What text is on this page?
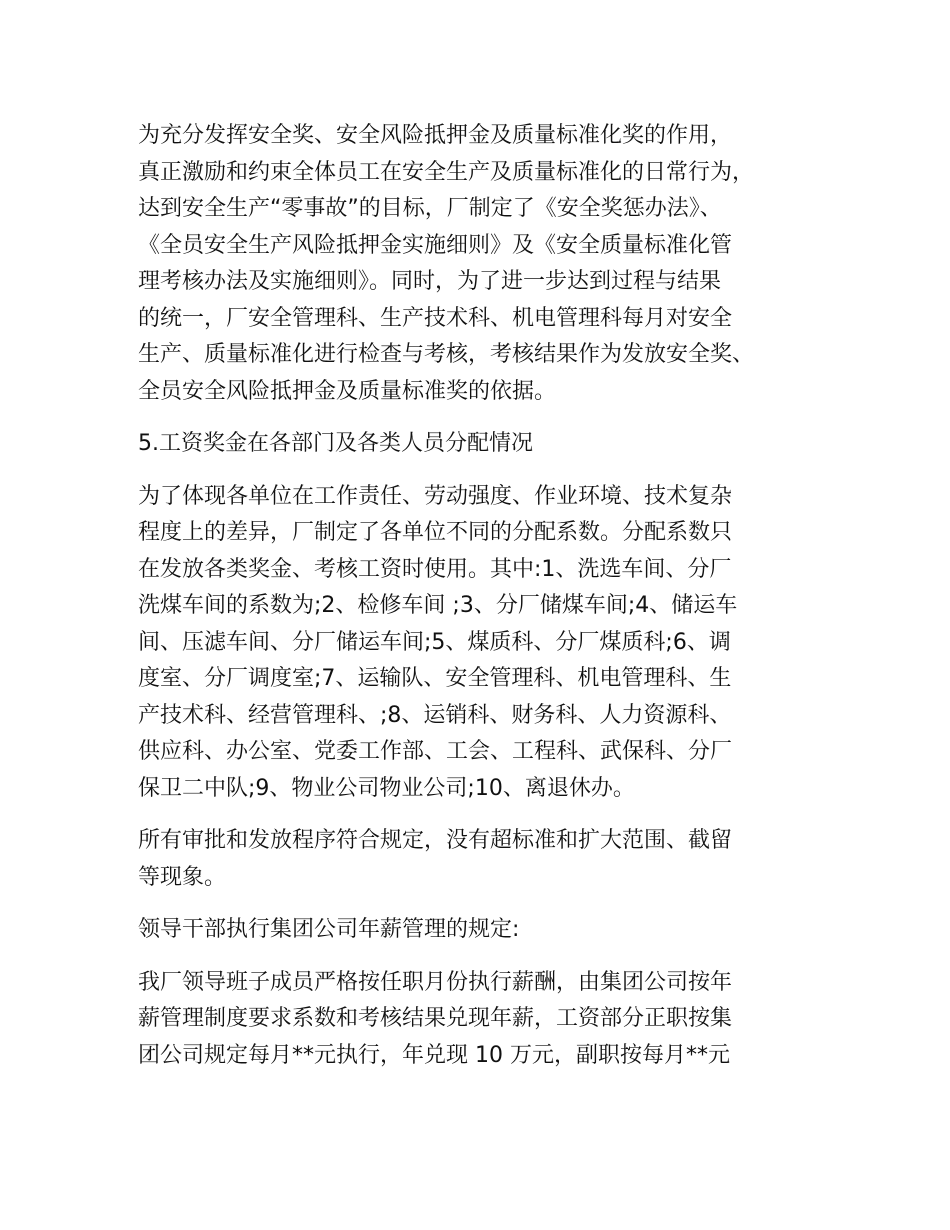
为充分发挥安全奖、安全风险抵押金及质量标准化奖的作用，
真正激励和约束全体员工在安全生产及质量标准化的日常行为，
达到安全生产“零事故”的目标，厂制定了《安全奖惩办法》、
《全员安全生产风险抵押金实施细则》及《安全质量标准化管
理考核办法及实施细则》。同时，为了进一步达到过程与结果
的统一，厂安全管理科、生产技术科、机电管理科每月对安全
生产、质量标准化进行检查与考核，考核结果作为发放安全奖、
全员安全风险抵押金及质量标准奖的依据。
5.工资奖金在各部门及各类人员分配情况
为了体现各单位在工作责任、劳动强度、作业环境、技术复杂
程度上的差异，厂制定了各单位不同的分配系数。分配系数只
在发放各类奖金、考核工资时使用。其中:1、洗选车间、分厂
洗煤车间的系数为;2、检修车间 ;3、分厂储煤车间;4、储运车
间、压滤车间、分厂储运车间;5、煤质科、分厂煤质科;6、调
度室、分厂调度室;7、运输队、安全管理科、机电管理科、生
产技术科、经营管理科、;8、运销科、财务科、人力资源科、
供应科、办公室、党委工作部、工会、工程科、武保科、分厂
保卫二中队;9、物业公司物业公司;10、离退休办。
所有审批和发放程序符合规定，没有超标准和扩大范围、截留
等现象。
领导干部执行集团公司年薪管理的规定:
我厂领导班子成员严格按任职月份执行薪酬，由集团公司按年
薪管理制度要求系数和考核结果兑现年薪，工资部分正职按集
团公司规定每月**元执行，年兑现 10 万元，副职按每月**元
